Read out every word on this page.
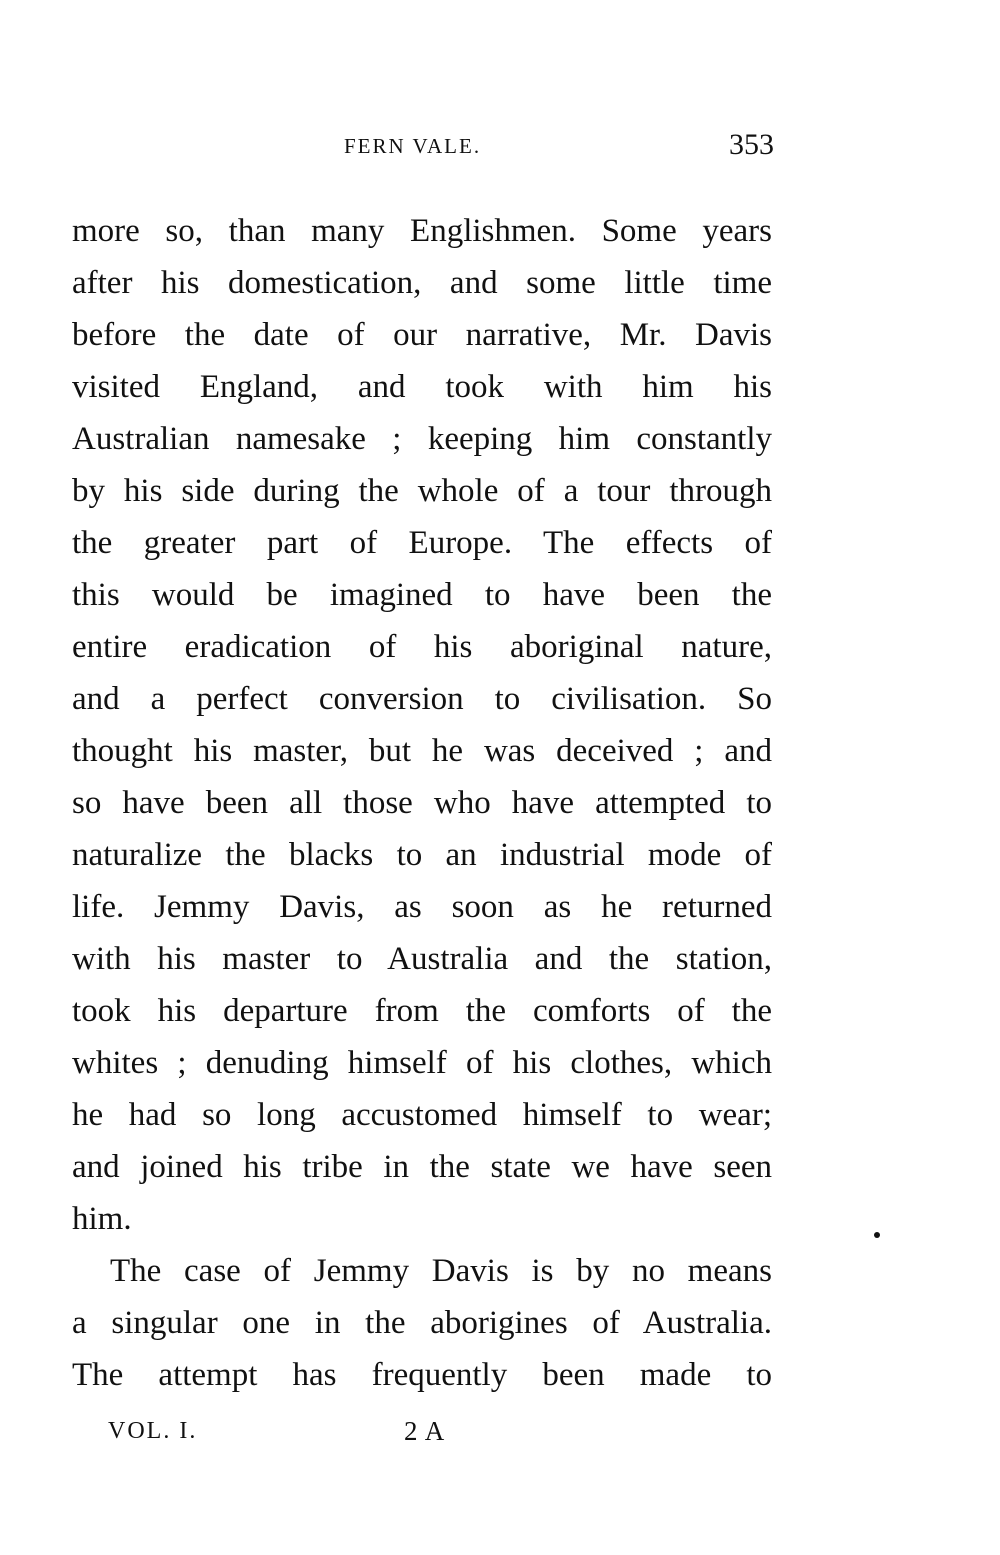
FERN VALE.	353
more so, than many Englishmen. Some years
after his domestication, and some little time
before the date of our narrative, Mr. Davis
visited England, and took with him his
Australian namesake ; keeping him constantly
by his side during the whole of a tour through
the greater part of Europe. The effects of
this would be imagined to have been the
entire eradication of his aboriginal nature,
and a perfect conversion to civilisation. So
thought his master, but he was deceived ; and
so have been all those who have attempted to
naturalize the blacks to an industrial mode of
life. Jemmy Davis, as soon as he returned
with his master to Australia and the station,
took his departure from the comforts of the
whites ; denuding himself of his clothes, which
he had so long accustomed himself to wear;
and joined his tribe in the state we have seen
him.
The case of Jemmy Davis is by no means
a singular one in the aborigines of Australia.
The attempt has frequently been made to
VOL. I.	2 A
